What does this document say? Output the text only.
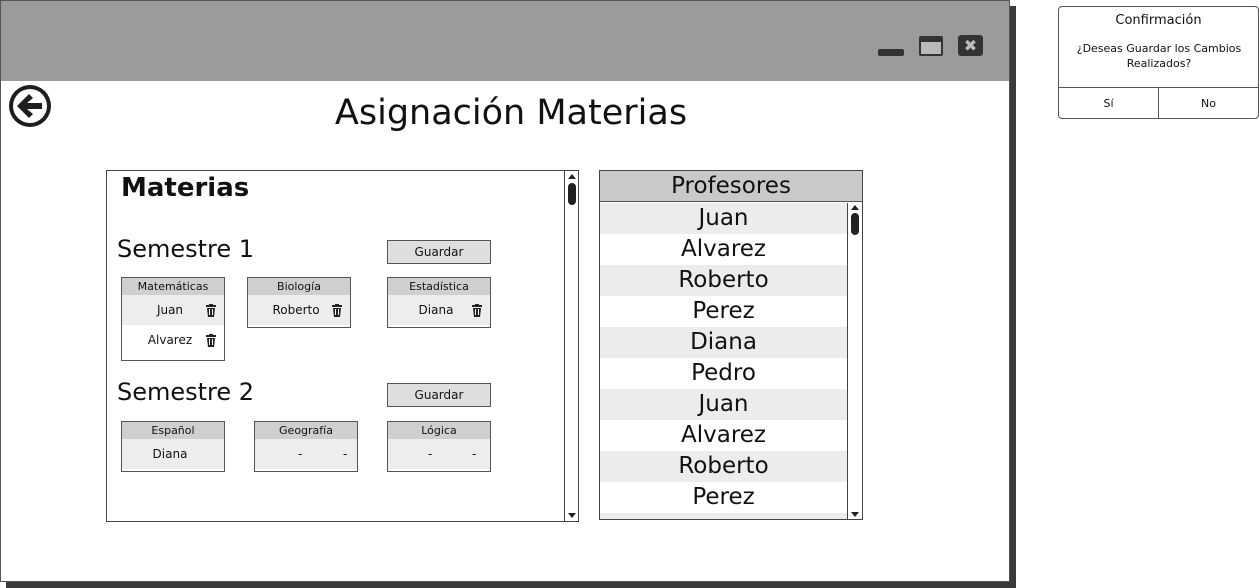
✖
Asignación Materias
Materias
Semestre 1	Guardar
Matemáticas
Juan
Alvarez
Biología
Roberto
Estadística
Diana
Semestre 2	Guardar
Español
Diana
Geografía
-	-
Lógica
-	-
Profesores
Juan
Alvarez
Roberto
Perez
Diana
Pedro
Juan
Alvarez
Roberto
Perez
Confirmación
¿Deseas Guardar los Cambios Realizados?
Sí	No
